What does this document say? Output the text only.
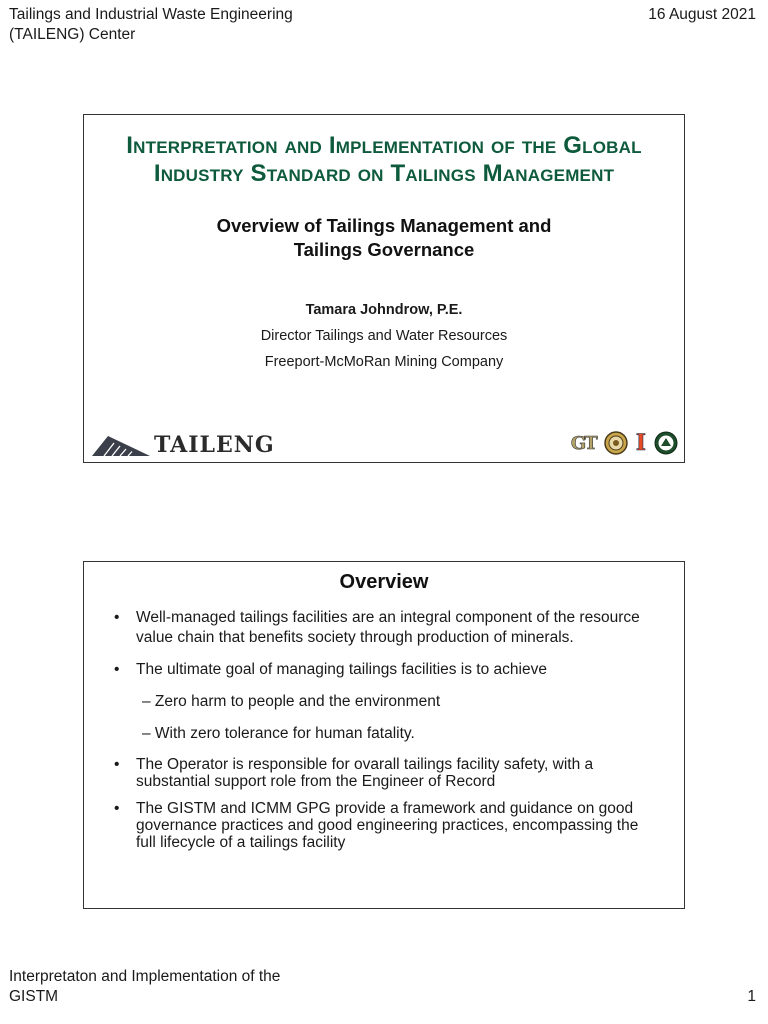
Tailings and Industrial Waste Engineering (TAILENG) Center
16 August 2021
Interpretation and Implementation of the Global Industry Standard on Tailings Management
Overview of Tailings Management and
Tailings Governance
Tamara Johndrow, P.E.
Director Tailings and Water Resources
Freeport-McMoRan Mining Company
TAILENG	GT I
Overview
• Well-managed tailings facilities are an integral component of the resource value chain that benefits society through production of minerals.
• The ultimate goal of managing tailings facilities is to achieve
– Zero harm to people and the environment
– With zero tolerance for human fatality.
• The Operator is responsible for ovarall tailings facility safety, with a substantial support role from the Engineer of Record
• The GISTM and ICMM GPG provide a framework and guidance on good governance practices and good engineering practices, encompassing the full lifecycle of a tailings facility
Interpretaton and Implementation of the GISTM	1
